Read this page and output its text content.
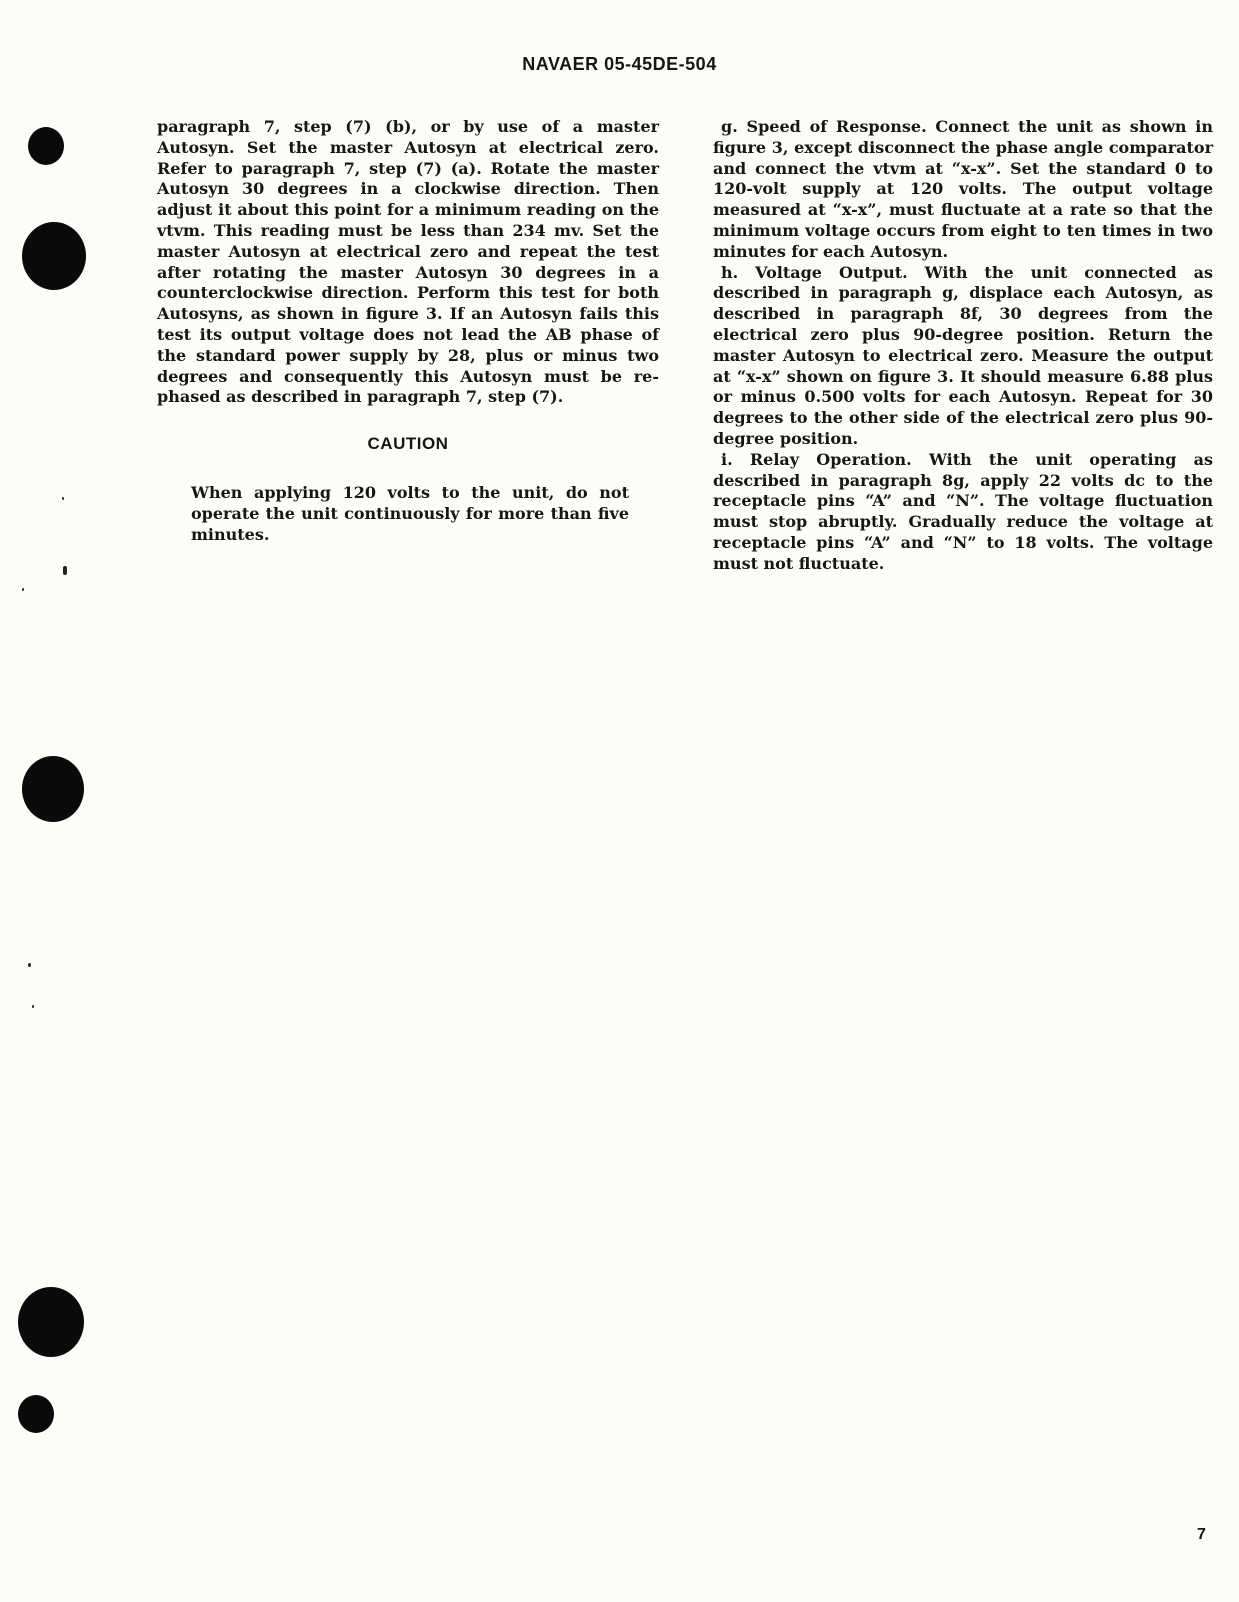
NAVAER 05-45DE-504

paragraph 7, step (7) (b), or by use of a master Autosyn. Set the master Autosyn at electrical zero. Refer to paragraph 7, step (7) (a). Rotate the master Autosyn 30 degrees in a clockwise direction. Then adjust it about this point for a minimum reading on the vtvm. This reading must be less than 234 mv. Set the master Autosyn at electrical zero and repeat the test after rotating the master Autosyn 30 degrees in a counterclockwise direction. Perform this test for both Autosyns, as shown in figure 3. If an Autosyn fails this test its output voltage does not lead the AB phase of the standard power supply by 28, plus or minus two degrees and consequently this Autosyn must be re-phased as described in paragraph 7, step (7).

CAUTION

When applying 120 volts to the unit, do not operate the unit continuously for more than five minutes.

g. Speed of Response. Connect the unit as shown in figure 3, except disconnect the phase angle comparator and connect the vtvm at “x-x”. Set the standard 0 to 120-volt supply at 120 volts. The output voltage measured at “x-x”, must fluctuate at a rate so that the minimum voltage occurs from eight to ten times in two minutes for each Autosyn.

h. Voltage Output. With the unit connected as described in paragraph g, displace each Autosyn, as described in paragraph 8f, 30 degrees from the electrical zero plus 90-degree position. Return the master Autosyn to electrical zero. Measure the output at “x-x” shown on figure 3. It should measure 6.88 plus or minus 0.500 volts for each Autosyn. Repeat for 30 degrees to the other side of the electrical zero plus 90-degree position.

i. Relay Operation. With the unit operating as described in paragraph 8g, apply 22 volts dc to the receptacle pins “A” and “N”. The voltage fluctuation must stop abruptly. Gradually reduce the voltage at receptacle pins “A” and “N” to 18 volts. The voltage must not fluctuate.

7
